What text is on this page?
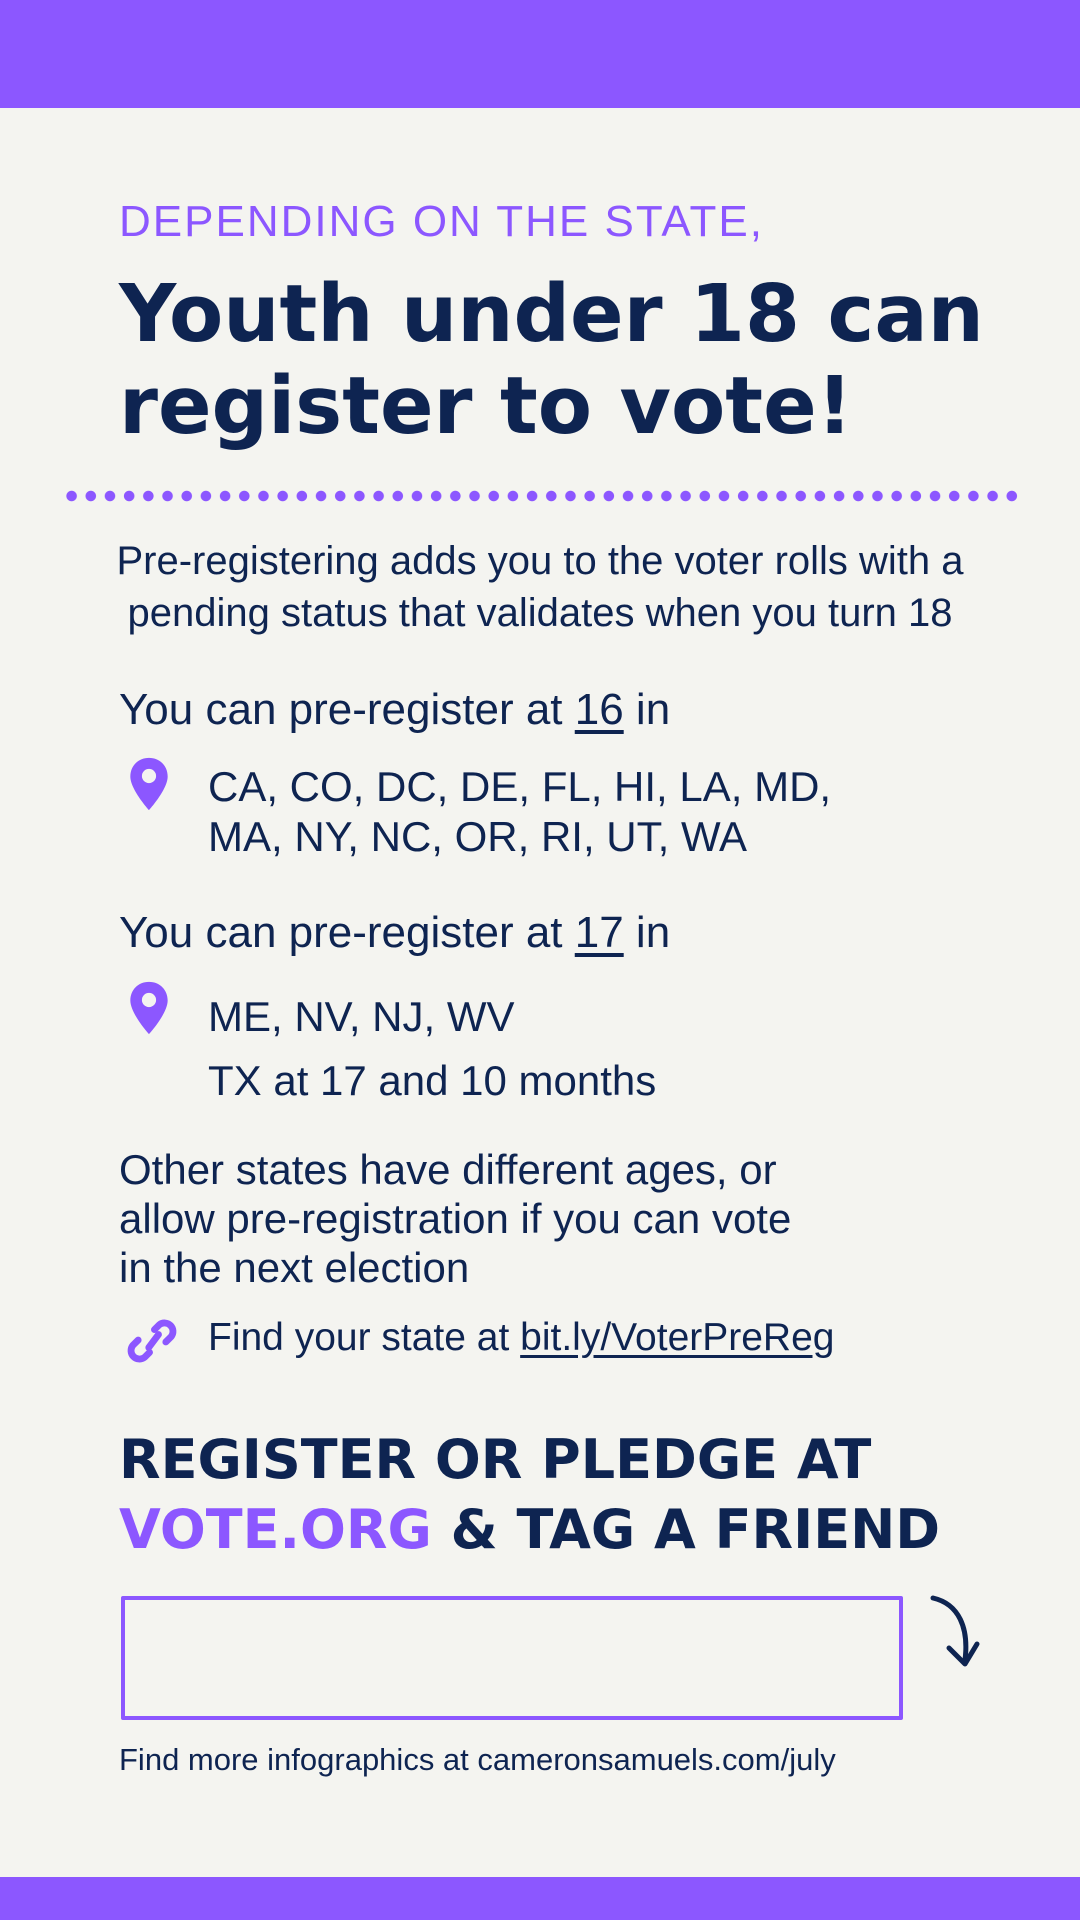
DEPENDING ON THE STATE,
Youth under 18 can
register to vote!
Pre-registering adds you to the voter rolls with a
pending status that validates when you turn 18
You can pre-register at 16 in
CA, CO, DC, DE, FL, HI, LA, MD,
MA, NY, NC, OR, RI, UT, WA
You can pre-register at 17 in
ME, NV, NJ, WV
TX at 17 and 10 months
Other states have different ages, or
allow pre-registration if you can vote
in the next election
Find your state at bit.ly/VoterPreReg
REGISTER OR PLEDGE AT
VOTE.ORG & TAG A FRIEND
Find more infographics at cameronsamuels.com/july
